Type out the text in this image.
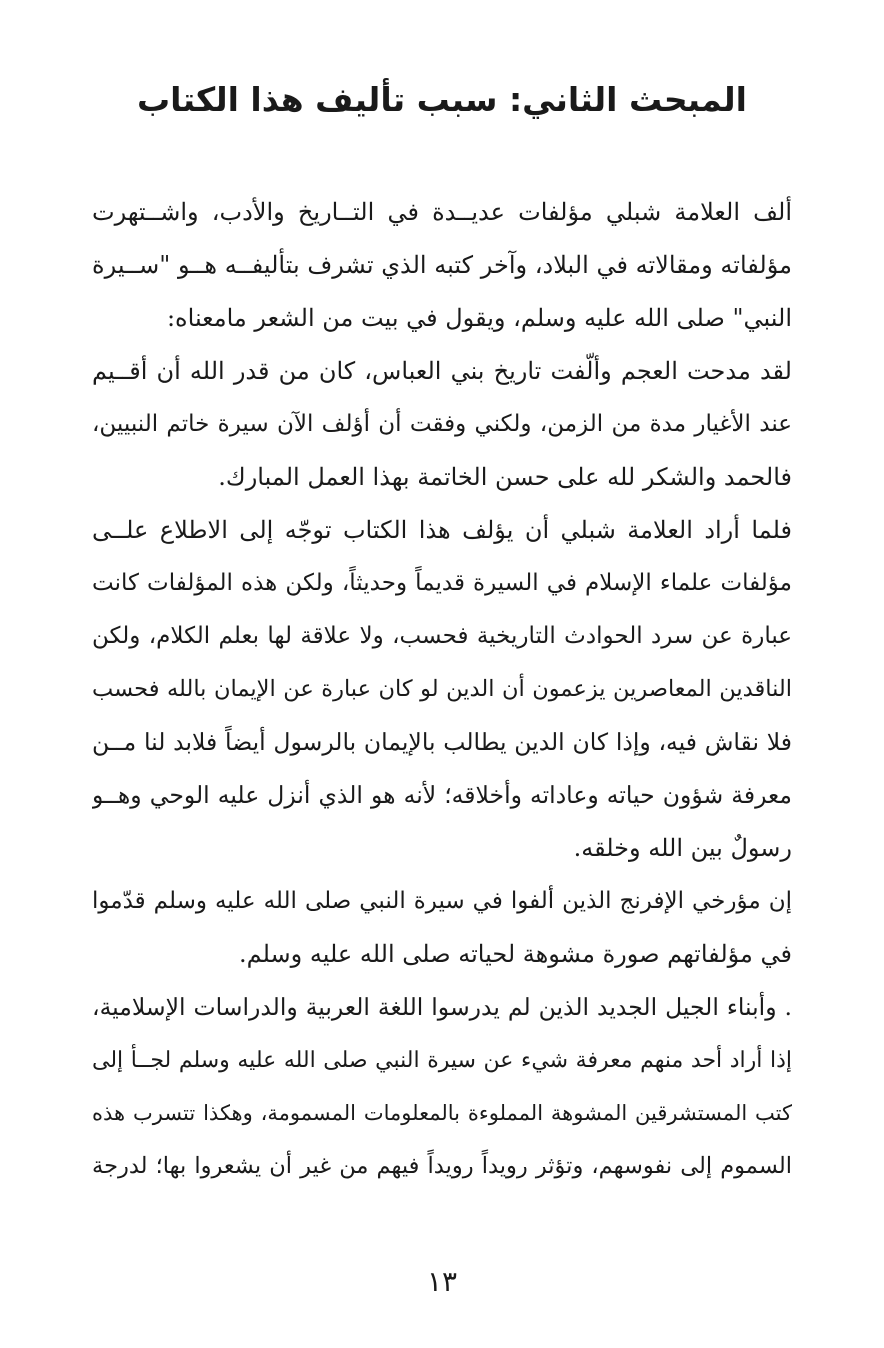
المبحث الثاني: سبب تأليف هذا الكتاب
ألف العلامة شبلي مؤلفات عديــدة في التــاريخ والأدب، واشــتهرت
مؤلفاته ومقالاته في البلاد، وآخر كتبه الذي تشرف بتأليفــه هــو "ســيرة
النبي" صلى الله عليه وسلم، ويقول في بيت من الشعر مامعناه:
لقد مدحت العجم وألّفت تاريخ بني العباس، كان من قدر الله أن أقــيم
عند الأغيار مدة من الزمن، ولكني وفقت أن أؤلف الآن سيرة خاتم النبيين،
فالحمد والشكر لله على حسن الخاتمة بهذا العمل المبارك.
فلما أراد العلامة شبلي أن يؤلف هذا الكتاب توجّه إلى الاطلاع علــى
مؤلفات علماء الإسلام في السيرة قديماً وحديثاً، ولكن هذه المؤلفات كانت
عبارة عن سرد الحوادث التاريخية فحسب، ولا علاقة لها بعلم الكلام، ولكن
الناقدين المعاصرين يزعمون أن الدين لو كان عبارة عن الإيمان بالله فحسب
فلا نقاش فيه، وإذا كان الدين يطالب بالإيمان بالرسول أيضاً فلابد لنا مــن
معرفة شؤون حياته وعاداته وأخلاقه؛ لأنه هو الذي أنزل عليه الوحي وهــو
رسولٌ بين الله وخلقه.
إن مؤرخي الإفرنج الذين ألفوا في سيرة النبي صلى الله عليه وسلم قدّموا
في مؤلفاتهم صورة مشوهة لحياته صلى الله عليه وسلم.
. وأبناء الجيل الجديد الذين لم يدرسوا اللغة العربية والدراسات الإسلامية،
إذا أراد أحد منهم معرفة شيء عن سيرة النبي صلى الله عليه وسلم لجــأ إلى
كتب المستشرقين المشوهة المملوءة بالمعلومات المسمومة، وهكذا تتسرب هذه
السموم إلى نفوسهم، وتؤثر رويداً رويداً فيهم من غير أن يشعروا بها؛ لدرجة
١٣
